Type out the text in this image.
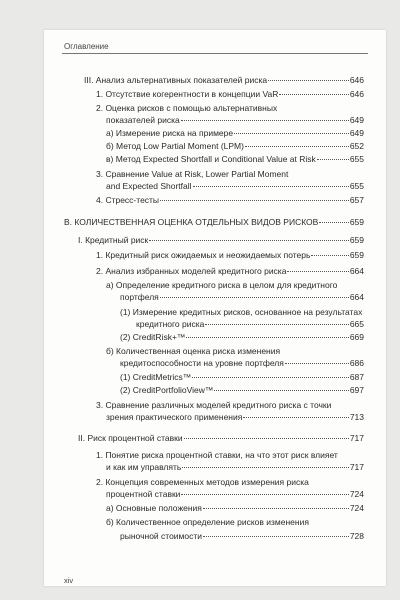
Оглавление
III. Анализ альтернативных показателей риска	646
1. Отсутствие когерентности в концепции VaR	646
2. Оценка рисков с помощью альтернативных
показателей риска	649
а) Измерение риска на примере	649
б) Метод Low Partial Moment (LPM)	652
в) Метод Expected Shortfall и Conditional Value at Risk	655
3. Сравнение Value at Risk, Lower Partial Moment
and Expected Shortfall	655
4. Стресс-тесты	657
В. КОЛИЧЕСТВЕННАЯ ОЦЕНКА ОТДЕЛЬНЫХ ВИДОВ РИСКОВ	659
I. Кредитный риск	659
1. Кредитный риск ожидаемых и неожидаемых потерь	659
2. Анализ избранных моделей кредитного риска	664
а) Определение кредитного риска в целом для кредитного
портфеля	664
(1) Измерение кредитных рисков, основанное на результатах
кредитного риска	665
(2) CreditRisk+™	669
б) Количественная оценка риска изменения
кредитоспособности на уровне портфеля	686
(1) CreditMetrics™	687
(2) CreditPortfolioView™	697
3. Сравнение различных моделей кредитного риска с точки
зрения практического применения	713
II. Риск процентной ставки	717
1. Понятие риска процентной ставки, на что этот риск влияет
и как им управлять	717
2. Концепция современных методов измерения риска
процентной ставки	724
а) Основные положения	724
б) Количественное определение рисков изменения
рыночной стоимости	728
xiv
